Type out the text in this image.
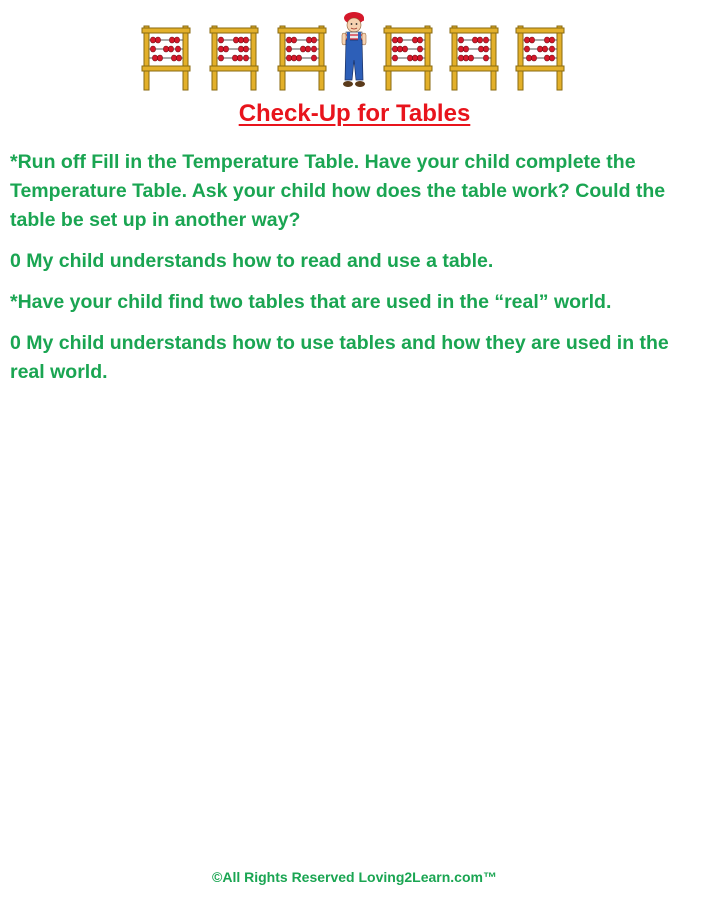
Check-Up for Tables

*Run off Fill in the Temperature Table. Have your child complete the Temperature Table. Ask your child how does the table work? Could the table be set up in another way?

0 My child understands how to read and use a table.

*Have your child find two tables that are used in the “real” world.

0 My child understands how to use tables and how they are used in the real world.

©All Rights Reserved Loving2Learn.com™
